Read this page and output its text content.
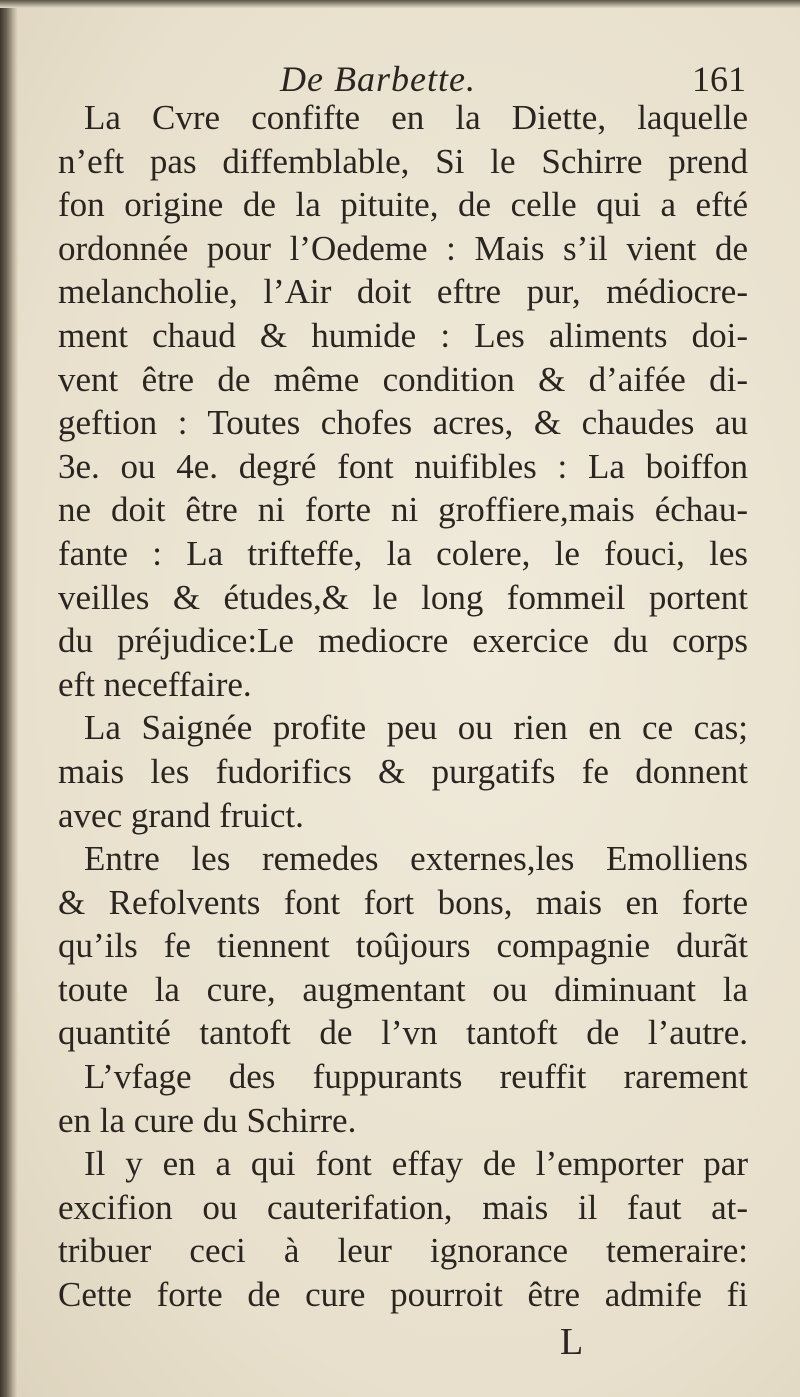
De Barbette.	161
La Cvre confifte en la Diette, laquelle
n’eft pas diffemblable, Si le Schirre prend
fon origine de la pituite, de celle qui a efté
ordonnée pour l’Oedeme : Mais s’il vient de
melancholie, l’Air doit eftre pur, médiocre-
ment chaud & humide : Les aliments doi-
vent être de même condition & d’aifée di-
geftion : Toutes chofes acres, & chaudes au
3e. ou 4e. degré font nuifibles : La boiffon
ne doit être ni forte ni groffiere,mais échau-
fante : La trifteffe, la colere, le fouci, les
veilles & études,& le long fommeil portent
du préjudice:Le mediocre exercice du corps
eft neceffaire.
La Saignée profite peu ou rien en ce cas;
mais les fudorifics & purgatifs fe donnent
avec grand fruict.
Entre les remedes externes,les Emolliens
& Refolvents font fort bons, mais en forte
qu’ils fe tiennent toûjours compagnie durãt
toute la cure, augmentant ou diminuant la
quantité tantoft de l’vn tantoft de l’autre.
L’vfage des fuppurants reuffit rarement
en la cure du Schirre.
Il y en a qui font effay de l’emporter par
excifion ou cauterifation, mais il faut at-
tribuer ceci à leur ignorance temeraire:
Cette forte de cure pourroit être admife fi
L
